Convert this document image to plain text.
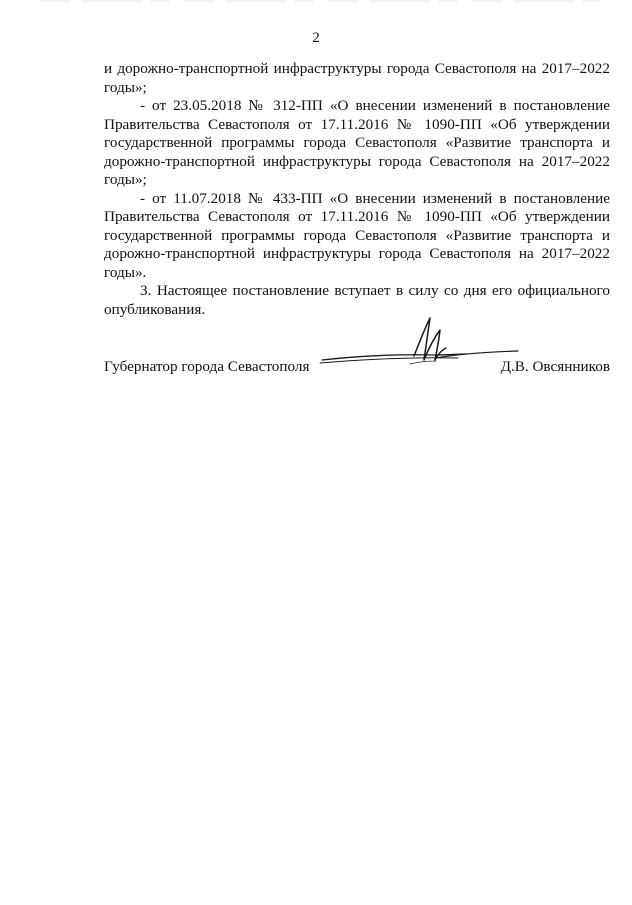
2

и дорожно-транспортной инфраструктуры города Севастополя на 2017–2022 годы»;

- от 23.05.2018 № 312-ПП «О внесении изменений в постановление Правительства Севастополя от 17.11.2016 № 1090-ПП «Об утверждении государственной программы города Севастополя «Развитие транспорта и дорожно-транспортной инфраструктуры города Севастополя на 2017–2022 годы»;

- от 11.07.2018 № 433-ПП «О внесении изменений в постановление Правительства Севастополя от 17.11.2016 № 1090-ПП «Об утверждении государственной программы города Севастополя «Развитие транспорта и дорожно-транспортной инфраструктуры города Севастополя на 2017–2022 годы».

3. Настоящее постановление вступает в силу со дня его официального опубликования.

Губернатор города Севастополя	Д.В. Овсянников
